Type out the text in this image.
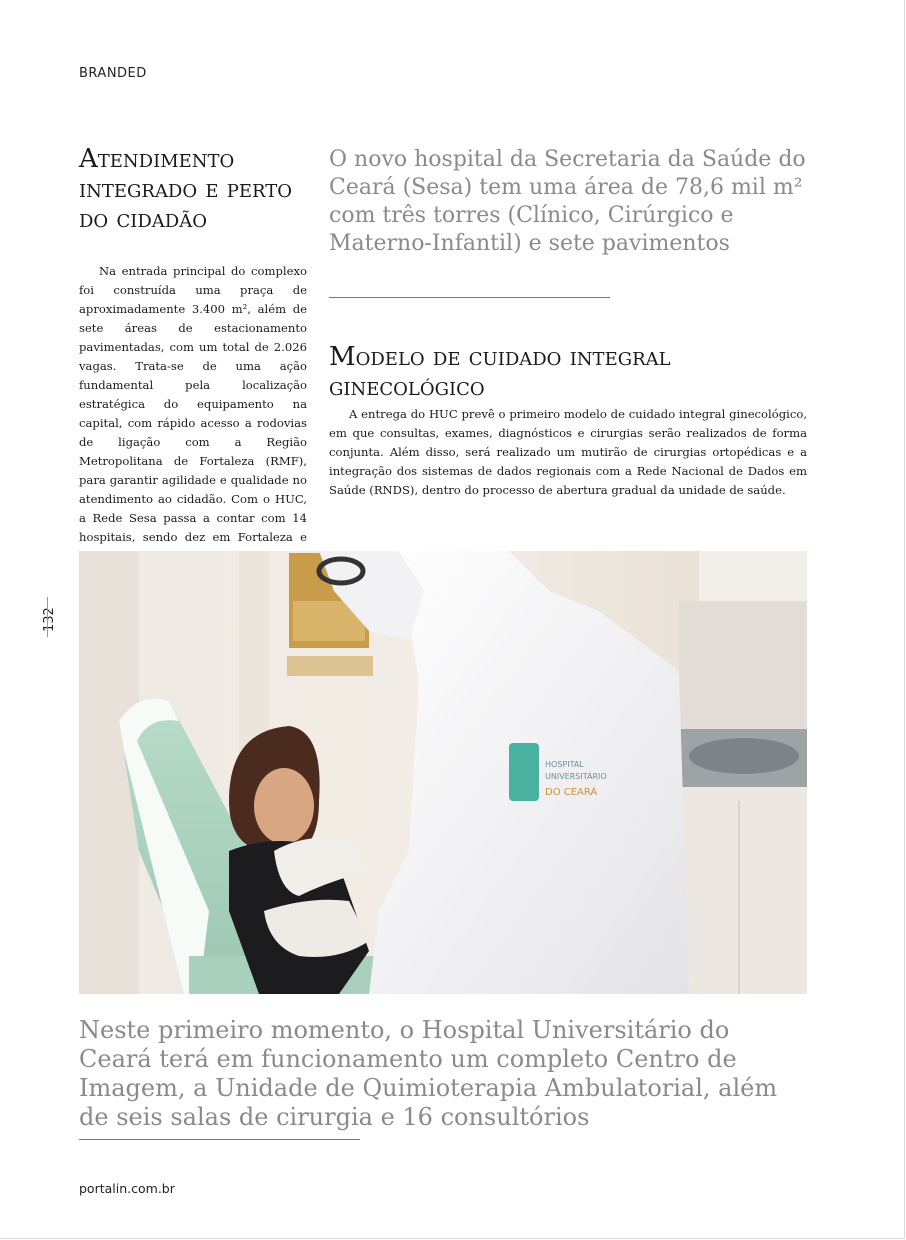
BRANDED
Atendimento integrado e perto do cidadão

Na entrada principal do complexo foi construída uma praça de aproximadamente 3.400 m², além de sete áreas de estacionamento pavimentadas, com um total de 2.026 vagas. Trata-se de uma ação fundamental pela localização estratégica do equipamento na capital, com rápido acesso a rodovias de ligação com a Região Metropolitana de Fortaleza (RMF), para garantir agilidade e qualidade no atendimento ao cidadão. Com o HUC, a Rede Sesa passa a contar com 14 hospitais, sendo dez em Fortaleza e

O novo hospital da Secretaria da Saúde do Ceará (Sesa) tem uma área de 78,6 mil m² com três torres (Clínico, Cirúrgico e Materno-Infantil) e sete pavimentos

Modelo de cuidado integral ginecológico

A entrega do HUC prevê o primeiro modelo de cuidado integral ginecológico, em que consultas, exames, diagnósticos e cirurgias serão realizados de forma conjunta. Além disso, será realizado um mutirão de cirurgias ortopédicas e a integração dos sistemas de dados regionais com a Rede Nacional de Dados em Saúde (RNDS), dentro do processo de abertura gradual da unidade de saúde.

132
HOSPITAL
UNIVERSITÁRIO
DO CEARÁ

Neste primeiro momento, o Hospital Universitário do Ceará terá em funcionamento um completo Centro de Imagem, a Unidade de Quimioterapia Ambulatorial, além de seis salas de cirurgia e 16 consultórios

portalin.com.br
